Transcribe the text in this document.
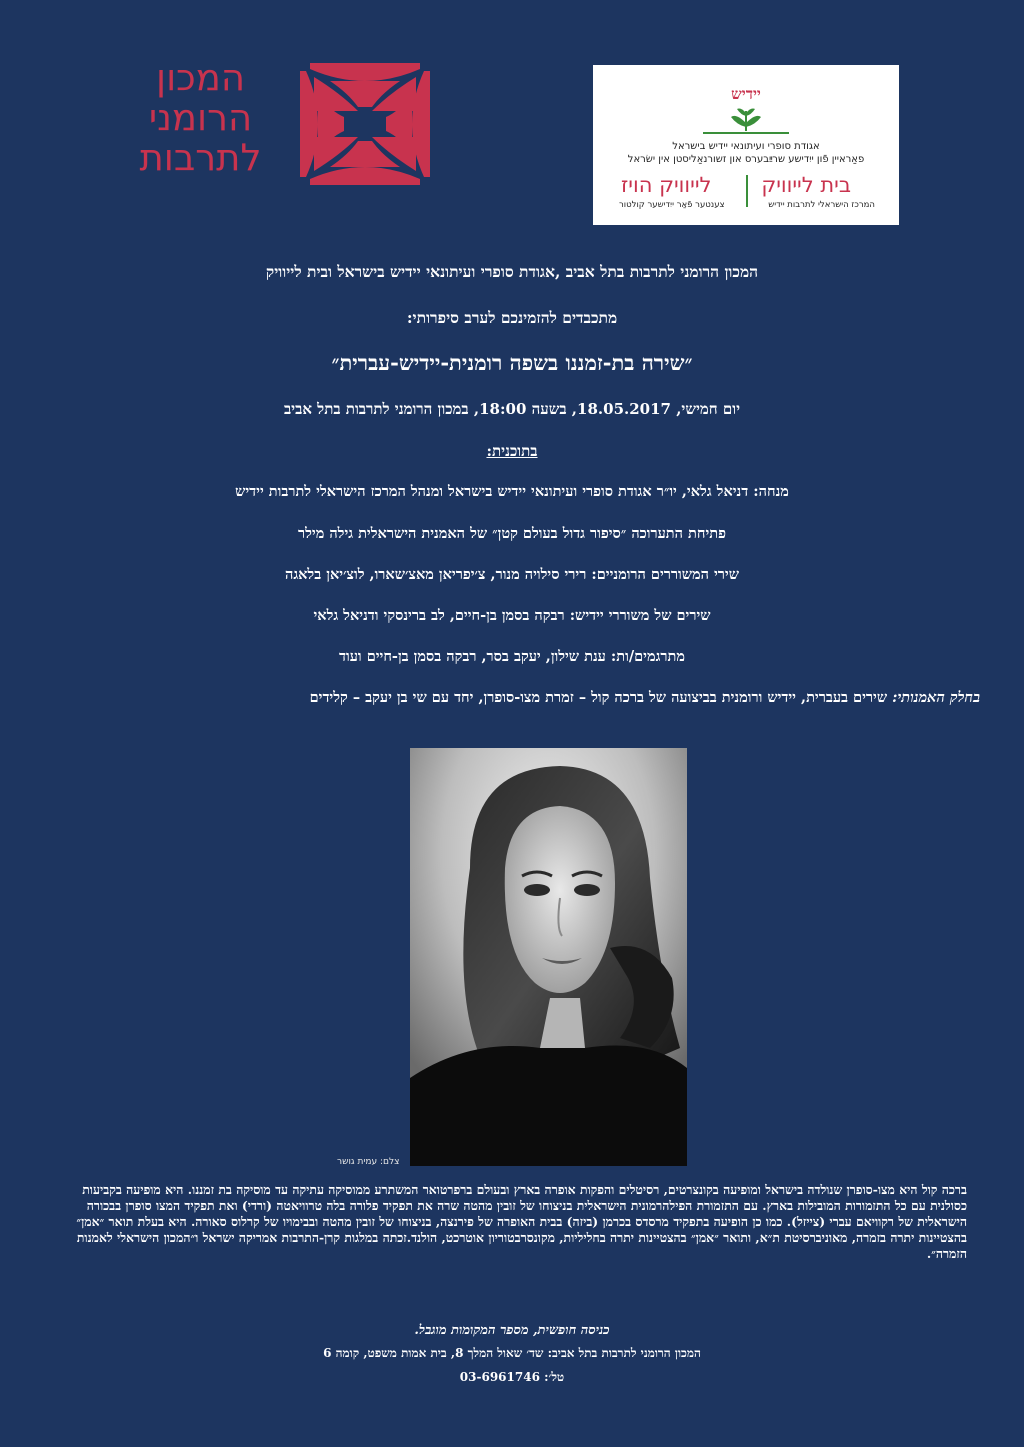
המכון
הרומני
לתרבות
יידיש
אגודת סופרי ועיתונאי יידיש בישראל
פאַראיין פֿון ייִדישע שרײַבערס און זשורנאַליסטן אין ישׂראל
בית לייוויק
לייוויק הויז
המרכז הישראלי לתרבות יידיש
צענטער פֿאַר ייִדישער קולטור
המכון הרומני לתרבות בתל אביב ,אגודת סופרי ועיתונאי יידיש בישראל ובית לייוויק
מתכבדים להזמינכם לערב סיפרותי:
״שירה בת-זמננו בשפה רומנית-יידיש-עברית״
יום חמישי, 18.05.2017, בשעה 18:00, במכון הרומני לתרבות בתל אביב
בתוכנית:
מנחה: דניאל גלאי, יו״ר אגודת סופרי ועיתונאי יידיש בישראל ומנהל המרכז הישראלי לתרבות יידיש
פתיחת התערוכה ״סיפור גדול בעולם קטן״ של האמנית הישראלית גילה מילר
שירי המשוררים הרומניים: רירי סילויה מנור, צ׳יפריאן מאצ׳שארו, לוצ׳יאן בלאגה
שירים של משוררי יידיש: רבקה בסמן בן-חיים, לב ברינסקי ודניאל גלאי
מתרגמים/ות: ענת שילון, יעקב בסר, רבקה בסמן בן-חיים ועוד
בחלק האמנותי: שירים בעברית, יידיש ורומנית בביצועה של ברכה קול – זמרת מצו-סופרן, יחד עם שי בן יעקב – קלידים
צלם: עמית גושר
ברכה קול היא מצו-סופרן שנולדה בישראל ומופיעה בקונצרטים, רסיטלים והפקות אופרה בארץ ובעולם ברפרטואר המשתרע ממוסיקה עתיקה עד מוסיקה בת זמננו. היא מופיעה בקביעות כסולנית עם כל התזמורות המובילות בארץ. עם התזמורת הפילהרמונית הישראלית בניצוחו של זובין מהטה שרה את תפקיד פלורה בלה טרוויאטה (ורדי) ואת תפקיד המצו סופרן בבכורה הישראלית של רקוויאם עברי (צייזל). כמו כן הופיעה בתפקיד מרסדס בכרמן (ביזה) בבית האופרה של פירנצה, בניצוחו של זובין מהטה ובבימויו של קרלוס סאורה. היא בעלת תואר ״אמן״ בהצטיינות יתרה בזמרה, מאוניברסיטת ת״א, ותואר ״אמן״ בהצטיינות יתרה בחליליות, מקונסרבטוריון אוטרכט, הולנד.זכתה במלגות קרן-התרבות אמריקה ישראל ו״המכון הישראלי לאמנות הזמרה״.
כניסה חופשית, מספר המקומות מוגבל.
המכון הרומני לתרבות בתל אביב: שד׳ שאול המלך 8, בית אמות משפט, קומה 6
טל׳: 03-6961746
